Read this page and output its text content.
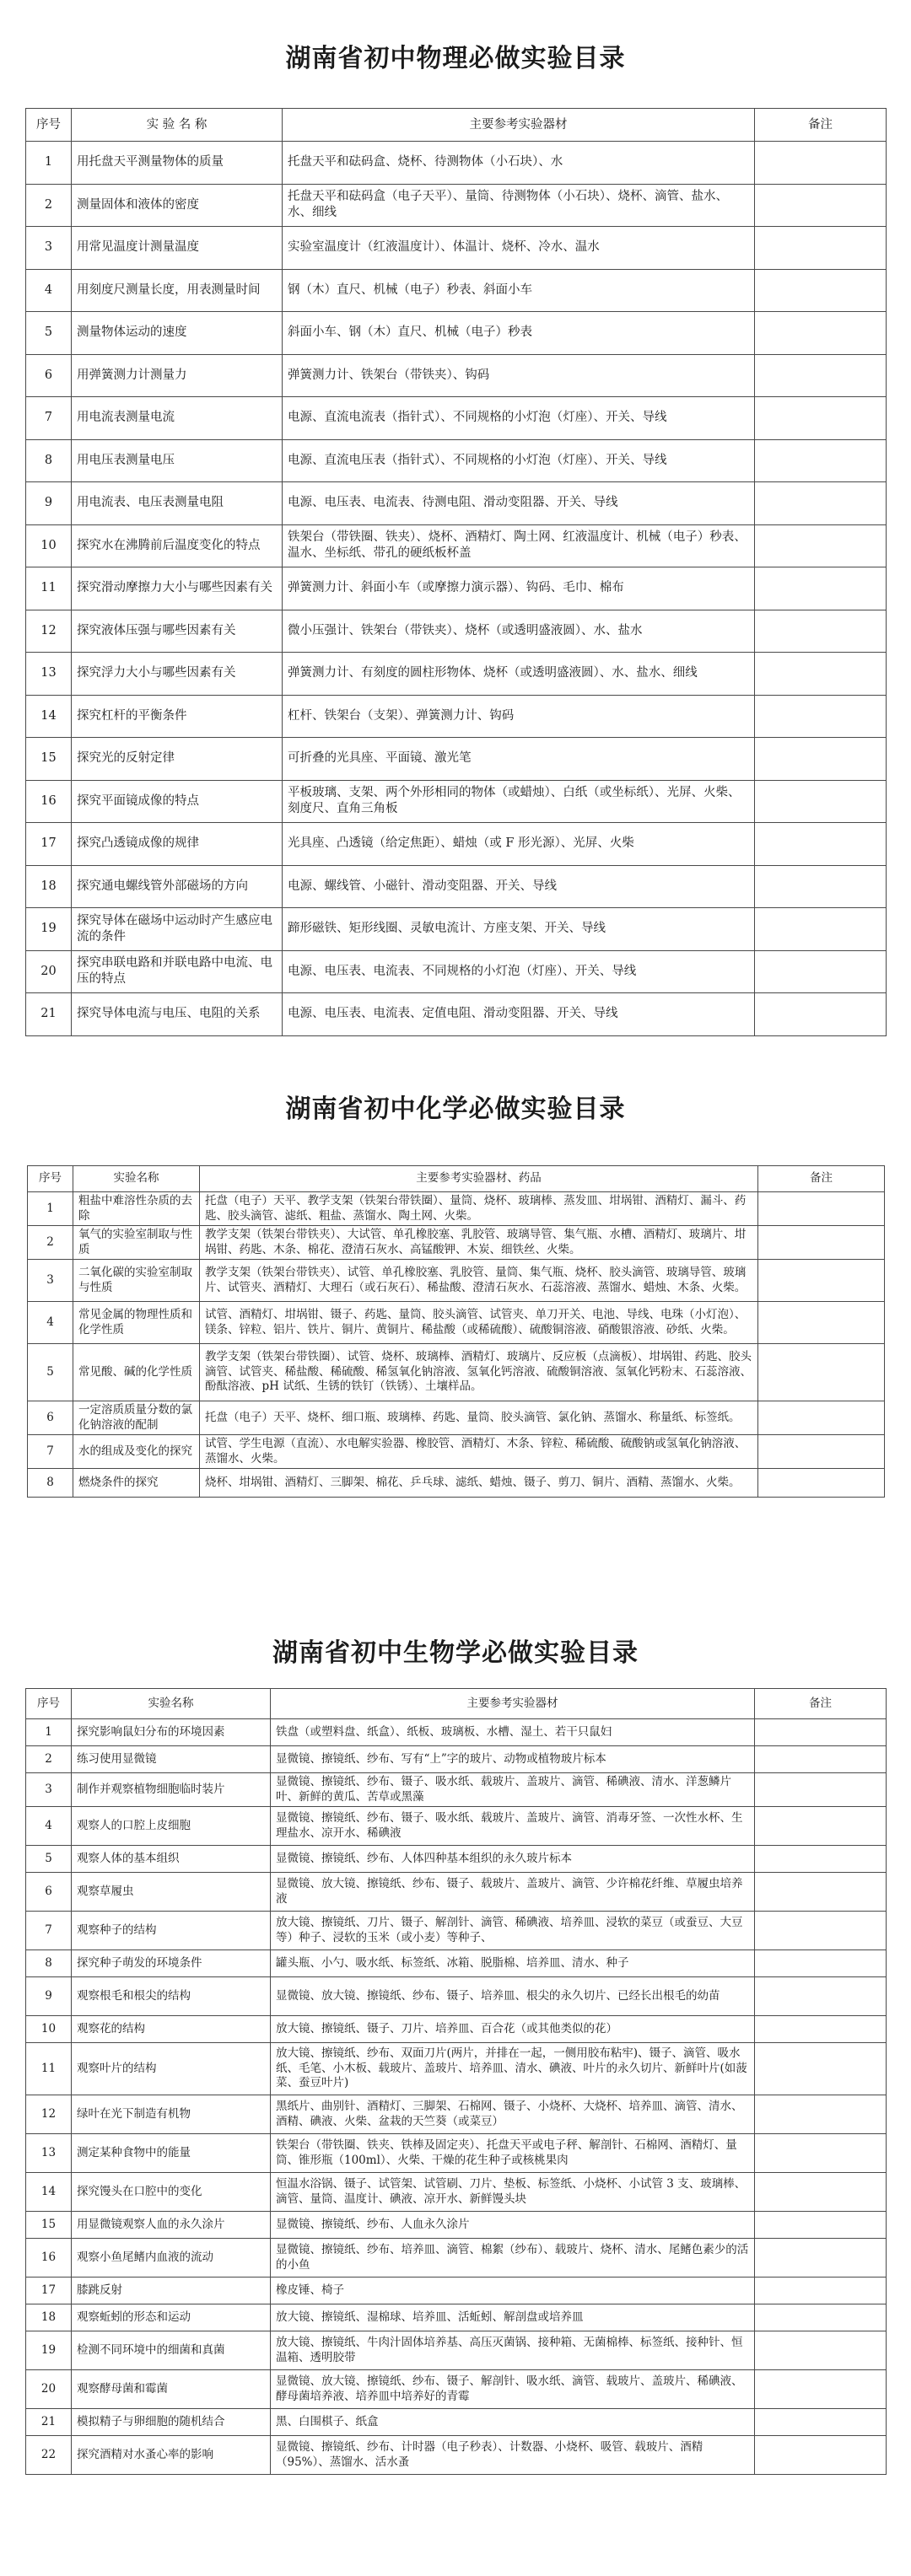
湖南省初中物理必做实验目录
序号	实 验 名 称	主要参考实验器材	备注
1	用托盘天平测量物体的质量	托盘天平和砝码盒、烧杯、待测物体（小石块）、水	
2	测量固体和液体的密度	托盘天平和砝码盒（电子天平）、量筒、待测物体（小石块）、烧杯、滴管、盐水、水、细线	
3	用常见温度计测量温度	实验室温度计（红液温度计）、体温计、烧杯、冷水、温水	
4	用刻度尺测量长度，用表测量时间	钢（木）直尺、机械（电子）秒表、斜面小车	
5	测量物体运动的速度	斜面小车、钢（木）直尺、机械（电子）秒表	
6	用弹簧测力计测量力	弹簧测力计、铁架台（带铁夹）、钩码	
7	用电流表测量电流	电源、直流电流表（指针式）、不同规格的小灯泡（灯座）、开关、导线	
8	用电压表测量电压	电源、直流电压表（指针式）、不同规格的小灯泡（灯座）、开关、导线	
9	用电流表、电压表测量电阻	电源、电压表、电流表、待测电阻、滑动变阻器、开关、导线	
10	探究水在沸腾前后温度变化的特点	铁架台（带铁圈、铁夹）、烧杯、酒精灯、陶土网、红液温度计、机械（电子）秒表、温水、坐标纸、带孔的硬纸板杯盖	
11	探究滑动摩擦力大小与哪些因素有关	弹簧测力计、斜面小车（或摩擦力演示器）、钩码、毛巾、棉布	
12	探究液体压强与哪些因素有关	微小压强计、铁架台（带铁夹）、烧杯（或透明盛液圆）、水、盐水	
13	探究浮力大小与哪些因素有关	弹簧测力计、有刻度的圆柱形物体、烧杯（或透明盛液圆）、水、盐水、细线	
14	探究杠杆的平衡条件	杠杆、铁架台（支架）、弹簧测力计、钩码	
15	探究光的反射定律	可折叠的光具座、平面镜、激光笔	
16	探究平面镜成像的特点	平板玻璃、支架、两个外形相同的物体（或蜡烛）、白纸（或坐标纸）、光屏、火柴、刻度尺、直角三角板	
17	探究凸透镜成像的规律	光具座、凸透镜（给定焦距）、蜡烛（或 F 形光源）、光屏、火柴	
18	探究通电螺线管外部磁场的方向	电源、螺线管、小磁针、滑动变阻器、开关、导线	
19	探究导体在磁场中运动时产生感应电流的条件	蹄形磁铁、矩形线圈、灵敏电流计、方座支架、开关、导线	
20	探究串联电路和并联电路中电流、电压的特点	电源、电压表、电流表、不同规格的小灯泡（灯座）、开关、导线	
21	探究导体电流与电压、电阻的关系	电源、电压表、电流表、定值电阻、滑动变阻器、开关、导线	
湖南省初中化学必做实验目录
序号	实验名称	主要参考实验器材、药品	备注
1	粗盐中难溶性杂质的去除	托盘（电子）天平、教学支架（铁架台带铁圈）、量筒、烧杯、玻璃棒、蒸发皿、坩埚钳、酒精灯、漏斗、药匙、胶头滴管、滤纸、粗盐、蒸馏水、陶土网、火柴。	
2	氧气的实验室制取与性质	教学支架（铁架台带铁夹）、大试管、单孔橡胶塞、乳胶管、玻璃导管、集气瓶、水槽、酒精灯、玻璃片、坩埚钳、药匙、木条、棉花、澄清石灰水、高锰酸钾、木炭、细铁丝、火柴。	
3	二氧化碳的实验室制取与性质	教学支架（铁架台带铁夹）、试管、单孔橡胶塞、乳胶管、量筒、集气瓶、烧杯、胶头滴管、玻璃导管、玻璃片、试管夹、酒精灯、大理石（或石灰石）、稀盐酸、澄清石灰水、石蕊溶液、蒸馏水、蜡烛、木条、火柴。	
4	常见金属的物理性质和化学性质	试管、酒精灯、坩埚钳、镊子、药匙、量筒、胶头滴管、试管夹、单刀开关、电池、导线、电珠（小灯泡）、镁条、锌粒、铝片、铁片、铜片、黄铜片、稀盐酸（或稀硫酸）、硫酸铜溶液、硝酸银溶液、砂纸、火柴。	
5	常见酸、碱的化学性质	教学支架（铁架台带铁圈）、试管、烧杯、玻璃棒、酒精灯、玻璃片、反应板（点滴板）、坩埚钳、药匙、胶头滴管、试管夹、稀盐酸、稀硫酸、稀氢氧化钠溶液、氢氧化钙溶液、硫酸铜溶液、氢氧化钙粉末、石蕊溶液、酚酞溶液、pH 试纸、生锈的铁钉（铁锈）、土壤样品。	
6	一定溶质质量分数的氯化钠溶液的配制	托盘（电子）天平、烧杯、细口瓶、玻璃棒、药匙、量筒、胶头滴管、氯化钠、蒸馏水、称量纸、标签纸。	
7	水的组成及变化的探究	试管、学生电源（直流）、水电解实验器、橡胶管、酒精灯、木条、锌粒、稀硫酸、硫酸钠或氢氧化钠溶液、蒸馏水、火柴。	
8	燃烧条件的探究	烧杯、坩埚钳、酒精灯、三脚架、棉花、乒乓球、滤纸、蜡烛、镊子、剪刀、铜片、酒精、蒸馏水、火柴。	
湖南省初中生物学必做实验目录
序号	实验名称	主要参考实验器材	备注
1	探究影响鼠妇分布的环境因素	铁盘（或塑料盘、纸盒）、纸板、玻璃板、水槽、湿土、若干只鼠妇	
2	练习使用显微镜	显微镜、擦镜纸、纱布、写有“上”字的玻片、动物或植物玻片标本	
3	制作并观察植物细胞临时装片	显微镜、擦镜纸、纱布、镊子、吸水纸、载玻片、盖玻片、滴管、稀碘液、清水、洋葱鳞片叶、新鲜的黄瓜、苦草或黑藻	
4	观察人的口腔上皮细胞	显微镜、擦镜纸、纱布、镊子、吸水纸、载玻片、盖玻片、滴管、消毒牙签、一次性水杯、生理盐水、凉开水、稀碘液	
5	观察人体的基本组织	显微镜、擦镜纸、纱布、人体四种基本组织的永久玻片标本	
6	观察草履虫	显微镜、放大镜、擦镜纸、纱布、镊子、载玻片、盖玻片、滴管、少许棉花纤维、草履虫培养液	
7	观察种子的结构	放大镜、擦镜纸、刀片、镊子、解剖针、滴管、稀碘液、培养皿、浸软的菜豆（或蚕豆、大豆等）种子、浸软的玉米（或小麦）等种子、	
8	探究种子萌发的环境条件	罐头瓶、小勺、吸水纸、标签纸、冰箱、脱脂棉、培养皿、清水、种子	
9	观察根毛和根尖的结构	显微镜、放大镜、擦镜纸、纱布、镊子、培养皿、根尖的永久切片、已经长出根毛的幼苗	
10	观察花的结构	放大镜、擦镜纸、镊子、刀片、培养皿、百合花（或其他类似的花）	
11	观察叶片的结构	放大镜、擦镜纸、纱布、双面刀片(两片，并排在一起，一侧用胶布粘牢)、镊子、滴管、吸水纸、毛笔、小木板、载玻片、盖玻片、培养皿、清水、碘液、叶片的永久切片、新鲜叶片(如菠菜、蚕豆叶片)	
12	绿叶在光下制造有机物	黑纸片、曲别针、酒精灯、三脚架、石棉网、镊子、小烧杯、大烧杯、培养皿、滴管、清水、酒精、碘液、火柴、盆栽的天竺葵（或菜豆）	
13	测定某种食物中的能量	铁架台（带铁圈、铁夹、铁棒及固定夹）、托盘天平或电子秤、解剖针、石棉网、酒精灯、量筒、锥形瓶（100ml）、火柴、干燥的花生种子或核桃果肉	
14	探究馒头在口腔中的变化	恒温水浴锅、镊子、试管架、试管刷、刀片、垫板、标签纸、小烧杯、小试管 3 支、玻璃棒、滴管、量筒、温度计、碘液、凉开水、新鲜馒头块	
15	用显微镜观察人血的永久涂片	显微镜、擦镜纸、纱布、人血永久涂片	
16	观察小鱼尾鳍内血液的流动	显微镜、擦镜纸、纱布、培养皿、滴管、棉絮（纱布）、载玻片、烧杯、清水、尾鳍色素少的活的小鱼	
17	膝跳反射	橡皮锤、椅子	
18	观察蚯蚓的形态和运动	放大镜、擦镜纸、湿棉球、培养皿、活蚯蚓、解剖盘或培养皿	
19	检测不同环境中的细菌和真菌	放大镜、擦镜纸、牛肉汁固体培养基、高压灭菌锅、接种箱、无菌棉棒、标签纸、接种针、恒温箱、透明胶带	
20	观察酵母菌和霉菌	显微镜、放大镜、擦镜纸、纱布、镊子、解剖针、吸水纸、滴管、载玻片、盖玻片、稀碘液、酵母菌培养液、培养皿中培养好的青霉	
21	模拟精子与卵细胞的随机结合	黑、白围棋子、纸盒	
22	探究酒精对水蚤心率的影响	显微镜、擦镜纸、纱布、计时器（电子秒表）、计数器、小烧杯、吸管、载玻片、酒精（95%）、蒸馏水、活水蚤	
